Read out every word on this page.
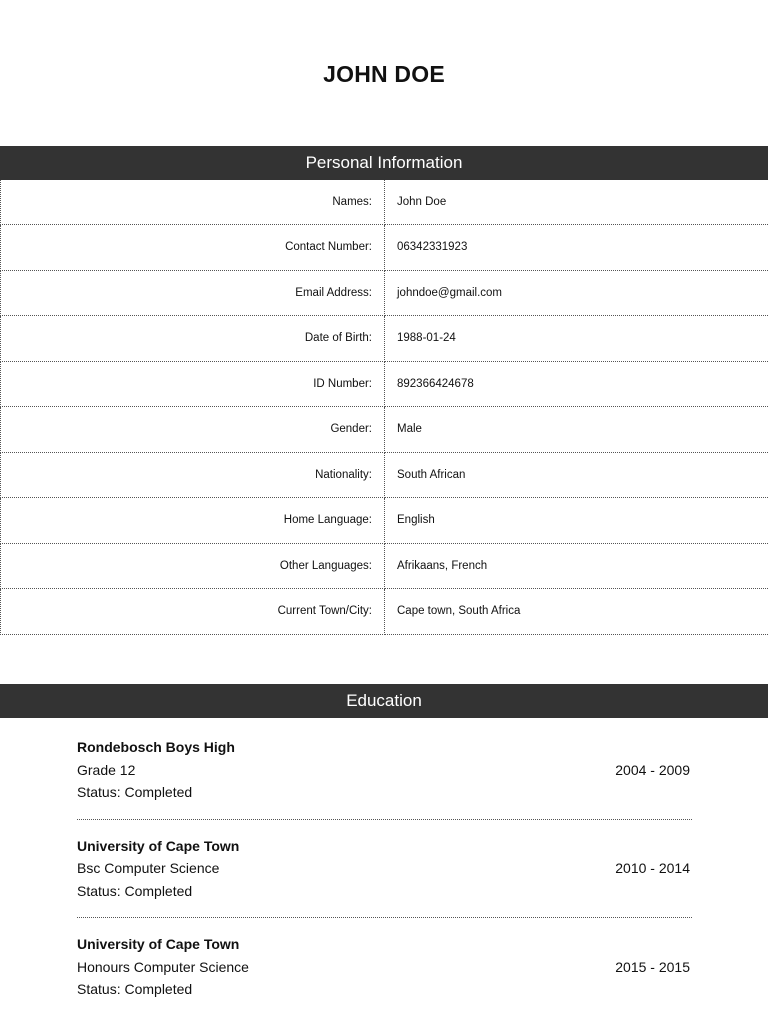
JOHN DOE
Personal Information
Names:	John Doe
Contact Number:	06342331923
Email Address:	johndoe@gmail.com
Date of Birth:	1988-01-24
ID Number:	892366424678
Gender:	Male
Nationality:	South African
Home Language:	English
Other Languages:	Afrikaans, French
Current Town/City:	Cape town, South Africa
Education
Rondebosch Boys High
Grade 12
Status: Completed
2004 - 2009
University of Cape Town
Bsc Computer Science
Status: Completed
2010 - 2014
University of Cape Town
Honours Computer Science
Status: Completed
2015 - 2015
